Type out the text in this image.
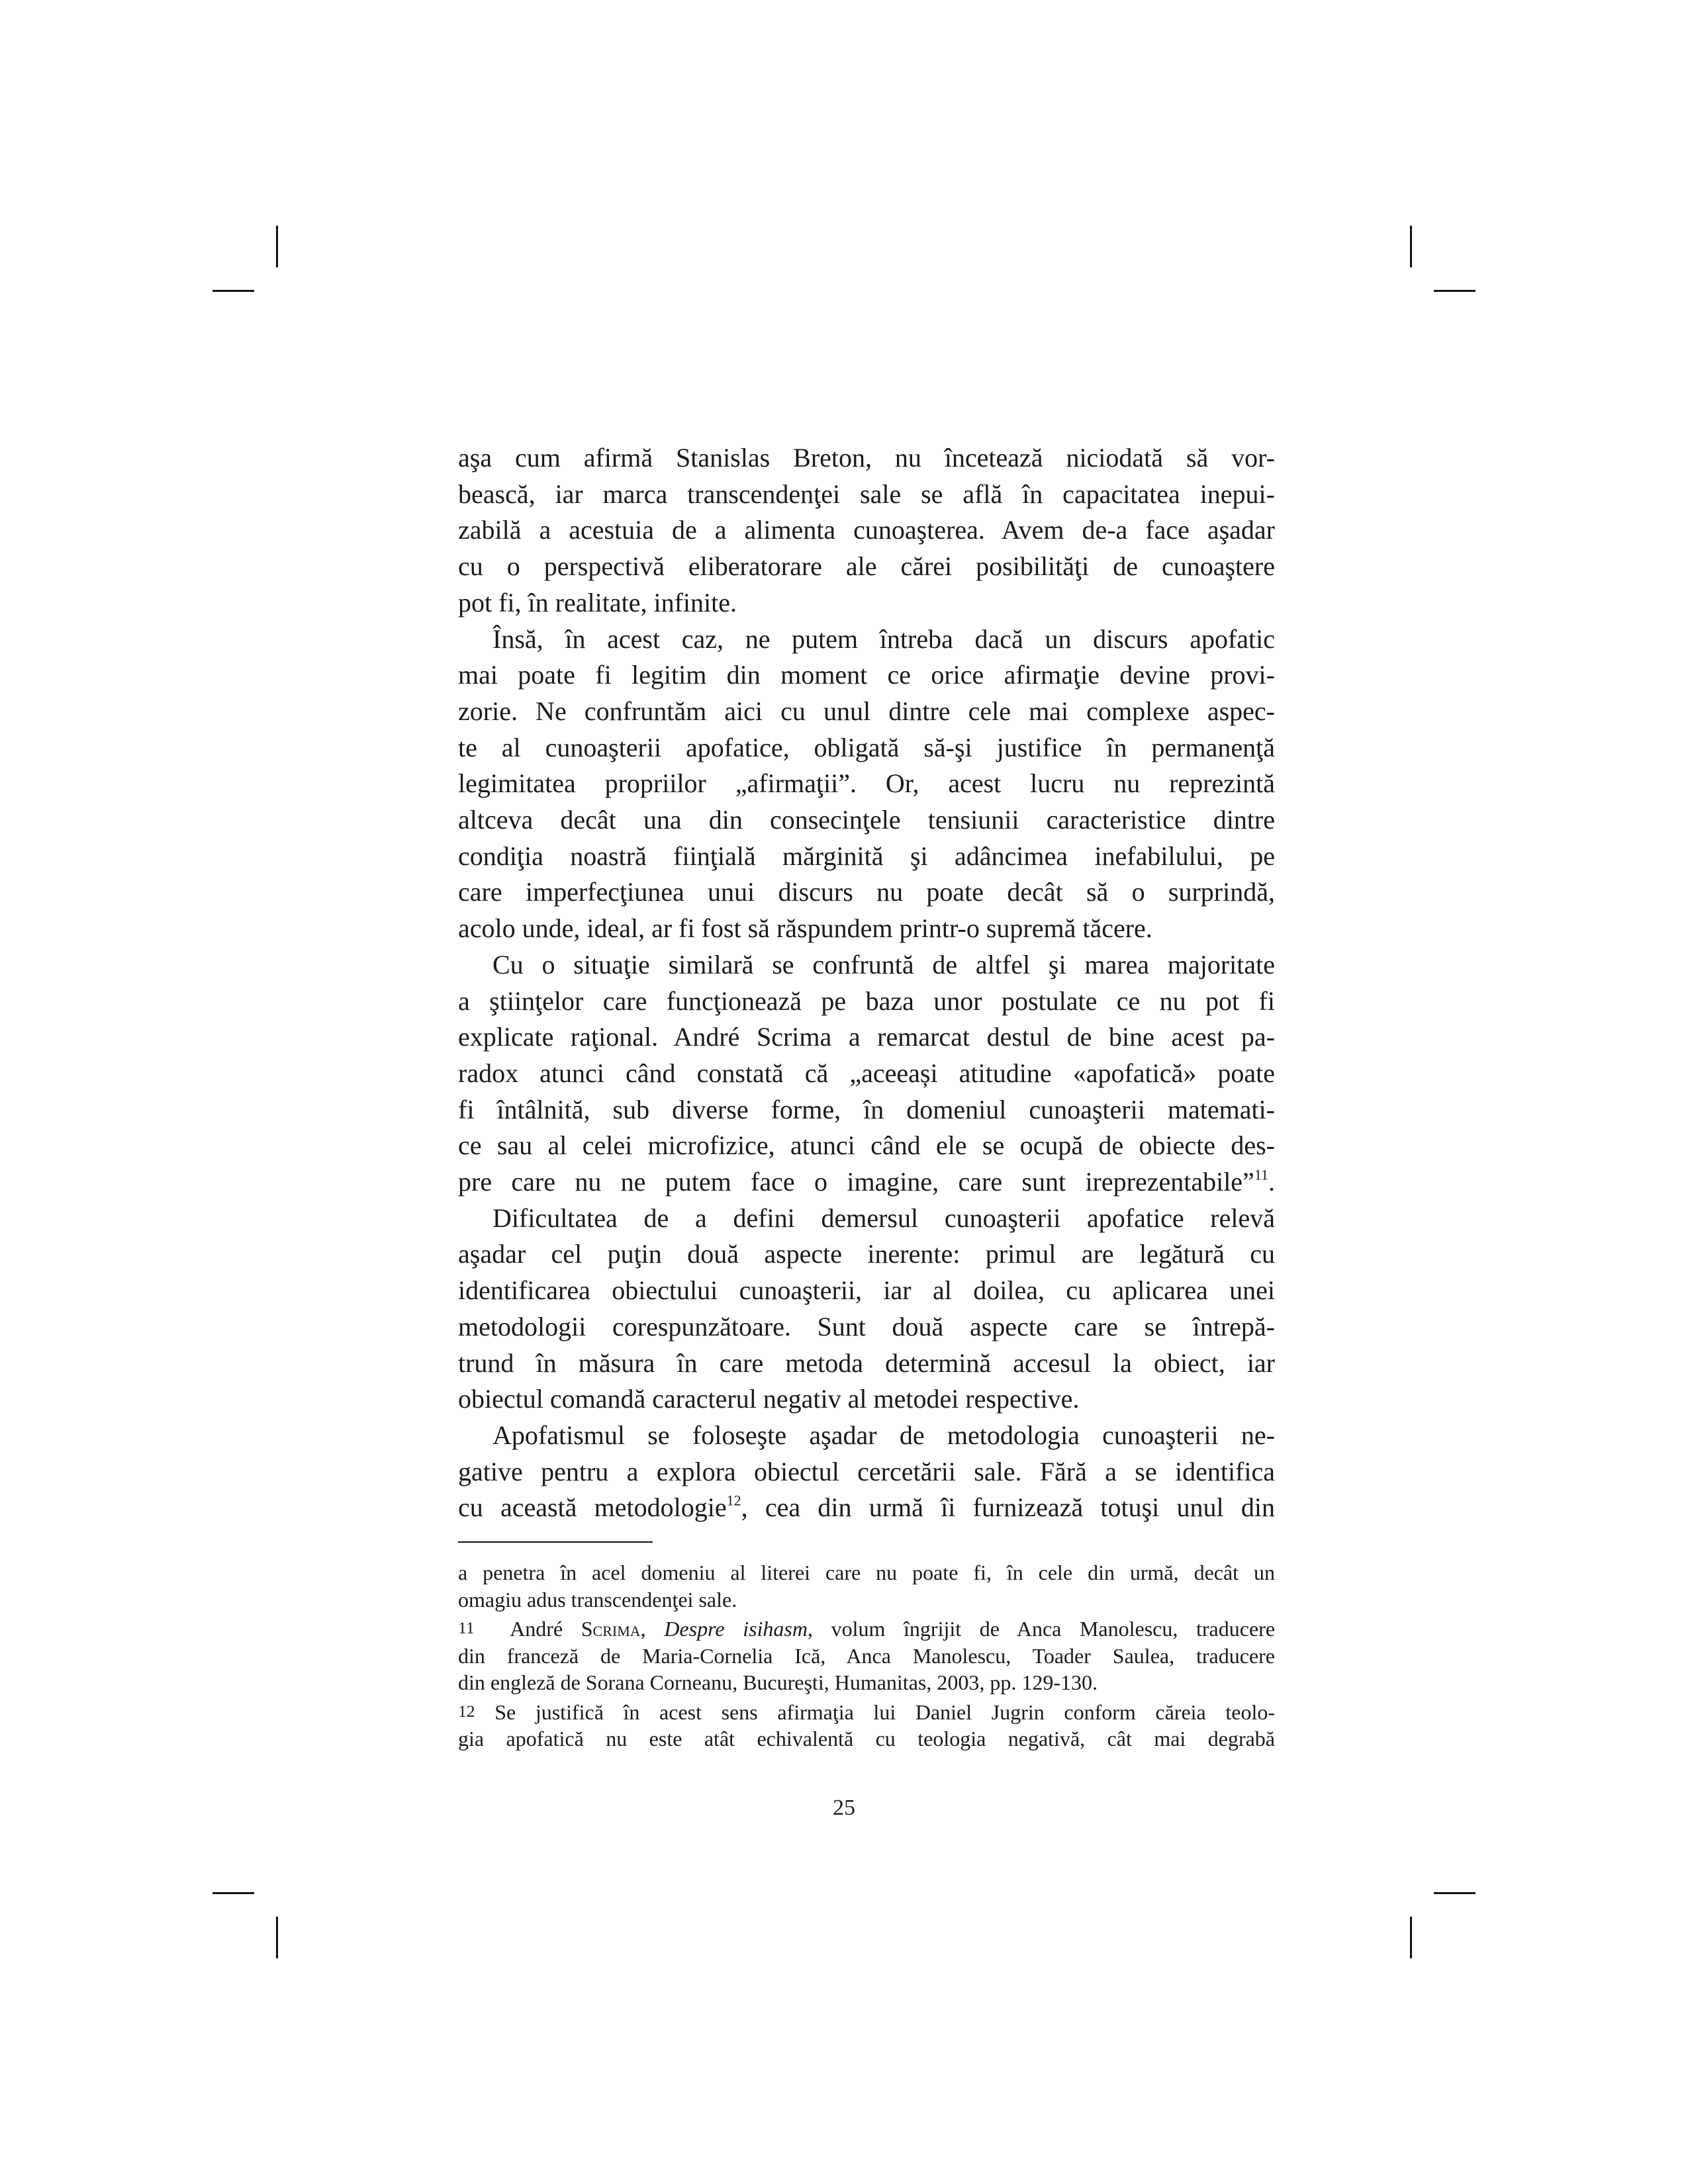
aşa cum afirmă Stanislas Breton, nu încetează niciodată să vor-
bească, iar marca transcendenţei sale se află în capacitatea inepui-
zabilă a acestuia de a alimenta cunoaşterea. Avem de-a face aşadar
cu o perspectivă eliberatorare ale cărei posibilităţi de cunoaştere
pot fi, în realitate, infinite.
Însă, în acest caz, ne putem întreba dacă un discurs apofatic
mai poate fi legitim din moment ce orice afirmaţie devine provi-
zorie. Ne confruntăm aici cu unul dintre cele mai complexe aspec-
te al cunoaşterii apofatice, obligată să-şi justifice în permanenţă
legimitatea propriilor „afirmaţii”. Or, acest lucru nu reprezintă
altceva decât una din consecinţele tensiunii caracteristice dintre
condiţia noastră fiinţială mărginită şi adâncimea inefabilului, pe
care imperfecţiunea unui discurs nu poate decât să o surprindă,
acolo unde, ideal, ar fi fost să răspundem printr-o supremă tăcere.
Cu o situaţie similară se confruntă de altfel şi marea majoritate
a ştiinţelor care funcţionează pe baza unor postulate ce nu pot fi
explicate raţional. André Scrima a remarcat destul de bine acest pa-
radox atunci când constată că „aceeași atitudine «apofatică» poate
fi întâlnită, sub diverse forme, în domeniul cunoaşterii matemati-
ce sau al celei microfizice, atunci când ele se ocupă de obiecte des-
pre care nu ne putem face o imagine, care sunt ireprezentabile”$^{11}$.
Dificultatea de a defini demersul cunoaşterii apofatice relevă
aşadar cel puţin două aspecte inerente: primul are legătură cu
identificarea obiectului cunoaşterii, iar al doilea, cu aplicarea unei
metodologii corespunzătoare. Sunt două aspecte care se întrepă-
trund în măsura în care metoda determină accesul la obiect, iar
obiectul comandă caracterul negativ al metodei respective.
Apofatismul se foloseşte aşadar de metodologia cunoaşterii ne-
gative pentru a explora obiectul cercetării sale. Fără a se identifica
cu această metodologie$^{12}$, cea din urmă îi furnizează totuşi unul din
a penetra în acel domeniu al literei care nu poate fi, în cele din urmă, decât un
omagiu adus transcendenţei sale.
11  André Scrima, Despre isihasm, volum îngrijit de Anca Manolescu, traducere
din franceză de Maria-Cornelia Ică, Anca Manolescu, Toader Saulea, traducere
din engleză de Sorana Corneanu, Bucureşti, Humanitas, 2003, pp. 129-130.
12 Se justifică în acest sens afirmaţia lui Daniel Jugrin conform căreia teolo-
gia apofatică nu este atât echivalentă cu teologia negativă, cât mai degrabă
25
